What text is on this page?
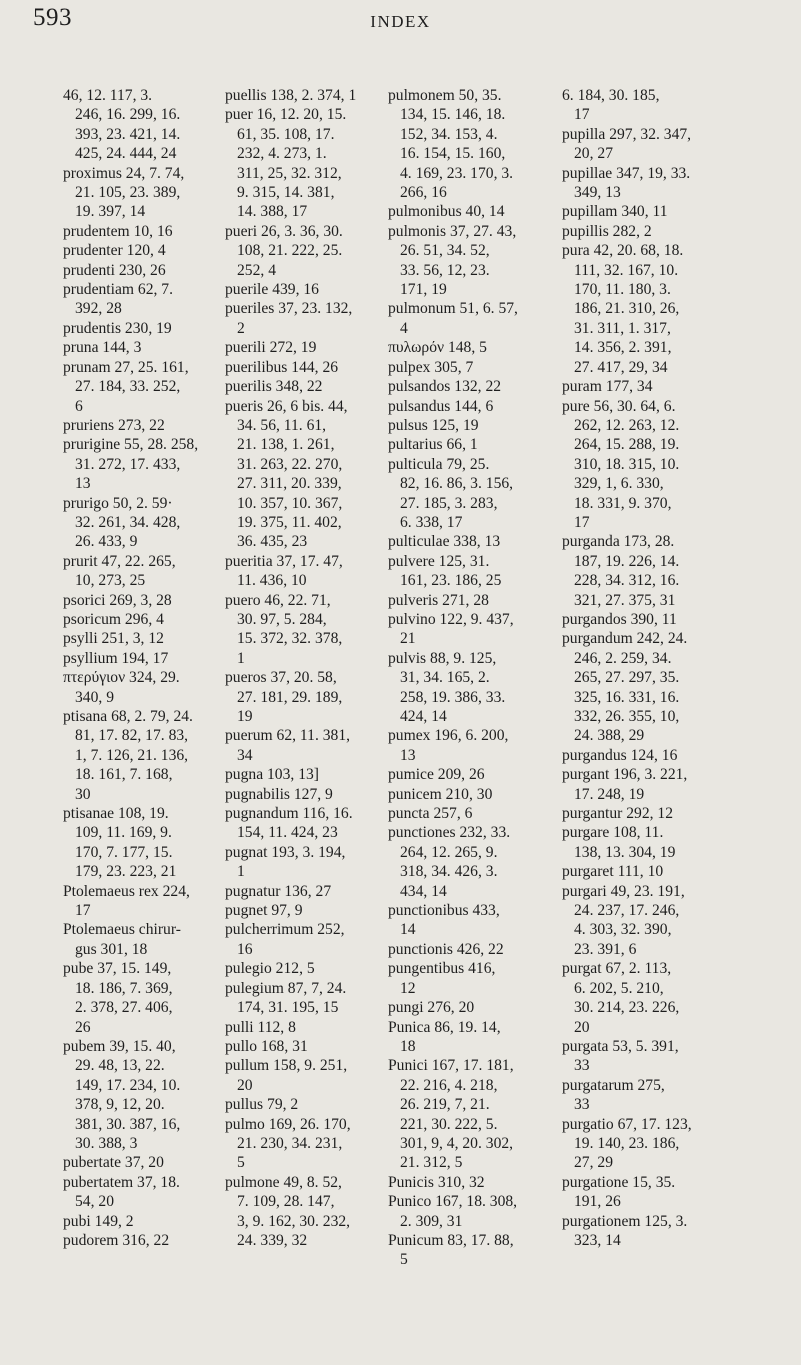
593	INDEX
46, 12. 117, 3.
246, 16. 299, 16.
393, 23. 421, 14.
425, 24. 444, 24
proximus 24, 7. 74,
21. 105, 23. 389,
19. 397, 14
prudentem 10, 16
prudenter 120, 4
prudenti 230, 26
prudentiam 62, 7.
392, 28
prudentis 230, 19
pruna 144, 3
prunam 27, 25. 161,
27. 184, 33. 252,
6
pruriens 273, 22
prurigine 55, 28. 258,
31. 272, 17. 433,
13
prurigo 50, 2. 59·
32. 261, 34. 428,
26. 433, 9
prurit 47, 22. 265,
10, 273, 25
psorici 269, 3, 28
psoricum 296, 4
psylli 251, 3, 12
psyllium 194, 17
πτερύγιον 324, 29.
340, 9
ptisana 68, 2. 79, 24.
81, 17. 82, 17. 83,
1, 7. 126, 21. 136,
18. 161, 7. 168,
30
ptisanae 108, 19.
109, 11. 169, 9.
170, 7. 177, 15.
179, 23. 223, 21
Ptolemaeus rex 224,
17
Ptolemaeus chirur-
gus 301, 18
pube 37, 15. 149,
18. 186, 7. 369,
2. 378, 27. 406,
26
pubem 39, 15. 40,
29. 48, 13, 22.
149, 17. 234, 10.
378, 9, 12, 20.
381, 30. 387, 16,
30. 388, 3
pubertate 37, 20
pubertatem 37, 18.
54, 20
pubi 149, 2
pudorem 316, 22
puellis 138, 2. 374, 1
puer 16, 12. 20, 15.
61, 35. 108, 17.
232, 4. 273, 1.
311, 25, 32. 312,
9. 315, 14. 381,
14. 388, 17
pueri 26, 3. 36, 30.
108, 21. 222, 25.
252, 4
puerile 439, 16
pueriles 37, 23. 132,
2
puerili 272, 19
puerilibus 144, 26
puerilis 348, 22
pueris 26, 6 bis. 44,
34. 56, 11. 61,
21. 138, 1. 261,
31. 263, 22. 270,
27. 311, 20. 339,
10. 357, 10. 367,
19. 375, 11. 402,
36. 435, 23
pueritia 37, 17. 47,
11. 436, 10
puero 46, 22. 71,
30. 97, 5. 284,
15. 372, 32. 378,
1
pueros 37, 20. 58,
27. 181, 29. 189,
19
puerum 62, 11. 381,
34
pugna 103, 13]
pugnabilis 127, 9
pugnandum 116, 16.
154, 11. 424, 23
pugnat 193, 3. 194,
1
pugnatur 136, 27
pugnet 97, 9
pulcherrimum 252,
16
pulegio 212, 5
pulegium 87, 7, 24.
174, 31. 195, 15
pulli 112, 8
pullo 168, 31
pullum 158, 9. 251,
20
pullus 79, 2
pulmo 169, 26. 170,
21. 230, 34. 231,
5
pulmone 49, 8. 52,
7. 109, 28. 147,
3, 9. 162, 30. 232,
24. 339, 32
pulmonem 50, 35.
134, 15. 146, 18.
152, 34. 153, 4.
16. 154, 15. 160,
4. 169, 23. 170, 3.
266, 16
pulmonibus 40, 14
pulmonis 37, 27. 43,
26. 51, 34. 52,
33. 56, 12, 23.
171, 19
pulmonum 51, 6. 57,
4
πυλωρόν 148, 5
pulpex 305, 7
pulsandos 132, 22
pulsandus 144, 6
pulsus 125, 19
pultarius 66, 1
pulticula 79, 25.
82, 16. 86, 3. 156,
27. 185, 3. 283,
6. 338, 17
pulticulae 338, 13
pulvere 125, 31.
161, 23. 186, 25
pulveris 271, 28
pulvino 122, 9. 437,
21
pulvis 88, 9. 125,
31, 34. 165, 2.
258, 19. 386, 33.
424, 14
pumex 196, 6. 200,
13
pumice 209, 26
punicem 210, 30
puncta 257, 6
punctiones 232, 33.
264, 12. 265, 9.
318, 34. 426, 3.
434, 14
punctionibus 433,
14
punctionis 426, 22
pungentibus 416,
12
pungi 276, 20
Punica 86, 19. 14,
18
Punici 167, 17. 181,
22. 216, 4. 218,
26. 219, 7, 21.
221, 30. 222, 5.
301, 9, 4, 20. 302,
21. 312, 5
Punicis 310, 32
Punico 167, 18. 308,
2. 309, 31
Punicum 83, 17. 88,
5
6. 184, 30. 185,
17
pupilla 297, 32. 347,
20, 27
pupillae 347, 19, 33.
349, 13
pupillam 340, 11
pupillis 282, 2
pura 42, 20. 68, 18.
111, 32. 167, 10.
170, 11. 180, 3.
186, 21. 310, 26,
31. 311, 1. 317,
14. 356, 2. 391,
27. 417, 29, 34
puram 177, 34
pure 56, 30. 64, 6.
262, 12. 263, 12.
264, 15. 288, 19.
310, 18. 315, 10.
329, 1, 6. 330,
18. 331, 9. 370,
17
purganda 173, 28.
187, 19. 226, 14.
228, 34. 312, 16.
321, 27. 375, 31
purgandos 390, 11
purgandum 242, 24.
246, 2. 259, 34.
265, 27. 297, 35.
325, 16. 331, 16.
332, 26. 355, 10,
24. 388, 29
purgandus 124, 16
purgant 196, 3. 221,
17. 248, 19
purgantur 292, 12
purgare 108, 11.
138, 13. 304, 19
purgaret 111, 10
purgari 49, 23. 191,
24. 237, 17. 246,
4. 303, 32. 390,
23. 391, 6
purgat 67, 2. 113,
6. 202, 5. 210,
30. 214, 23. 226,
20
purgata 53, 5. 391,
33
purgatarum 275,
33
purgatio 67, 17. 123,
19. 140, 23. 186,
27, 29
purgatione 15, 35.
191, 26
purgationem 125, 3.
323, 14
